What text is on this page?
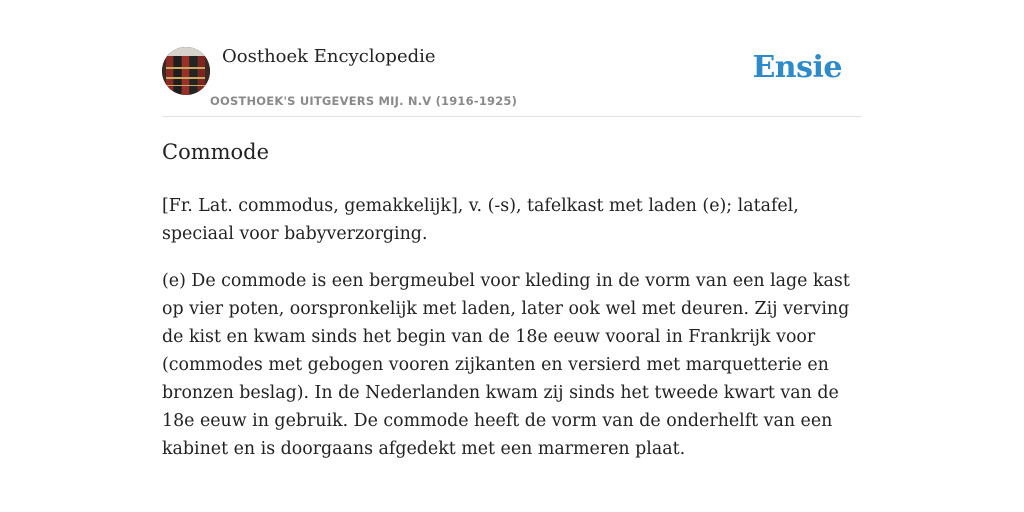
Oosthoek Encyclopedie
OOSTHOEK'S UITGEVERS MIJ. N.V (1916-1925)
Ensie
Commode

[Fr. Lat. commodus, gemakkelijk], v. (-s), tafelkast met laden (e); latafel, speciaal voor babyverzorging.

(e) De commode is een bergmeubel voor kleding in de vorm van een lage kast op vier poten, oorspronkelijk met laden, later ook wel met deuren. Zij verving de kist en kwam sinds het begin van de 18e eeuw vooral in Frankrijk voor (commodes met gebogen vooren zijkanten en versierd met marquetterie en bronzen beslag). In de Nederlanden kwam zij sinds het tweede kwart van de 18e eeuw in gebruik. De commode heeft de vorm van de onderhelft van een kabinet en is doorgaans afgedekt met een marmeren plaat.
